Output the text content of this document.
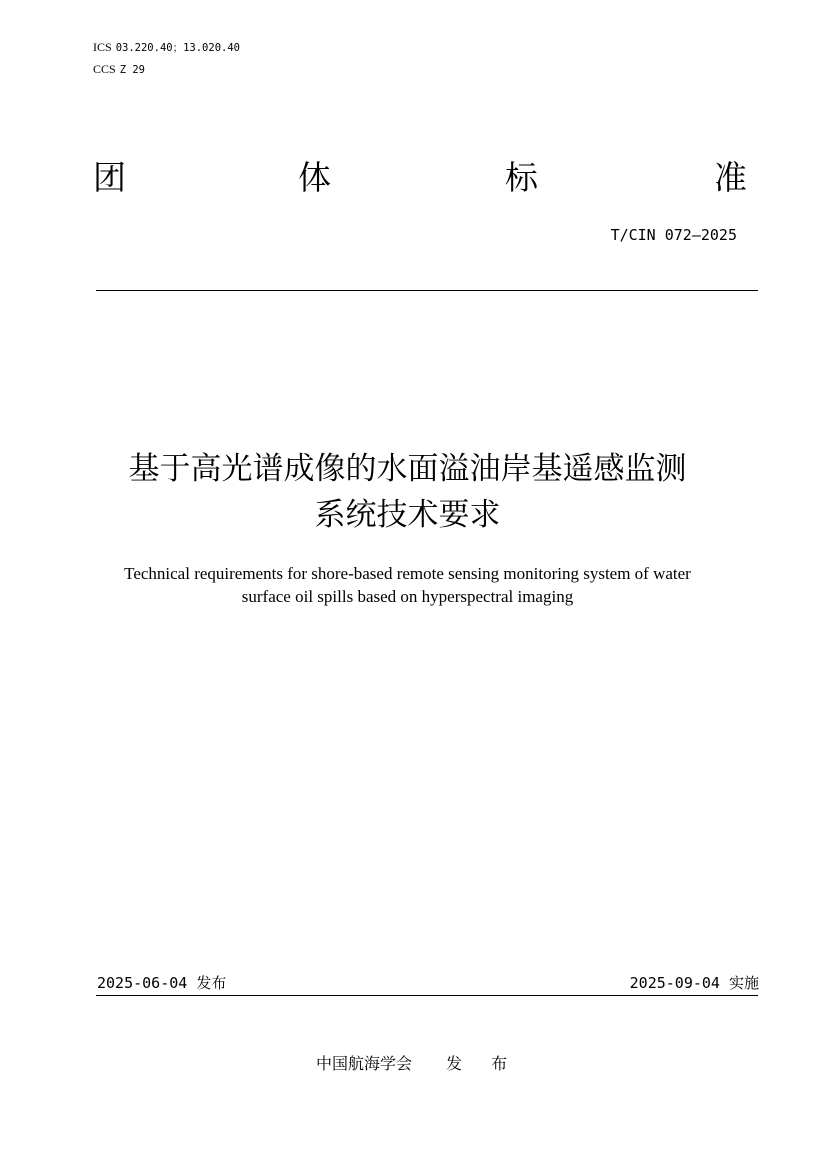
ICS 03.220.40；13.020.40
CCS Z 29
团	体	标	准
T/CIN 072—2025
基于高光谱成像的水面溢油岸基遥感监测
系统技术要求
Technical requirements for shore-based remote sensing monitoring system of water
surface oil spills based on hyperspectral imaging
2025-06-04 发布	2025-09-04 实施
中国航海学会 发 布
